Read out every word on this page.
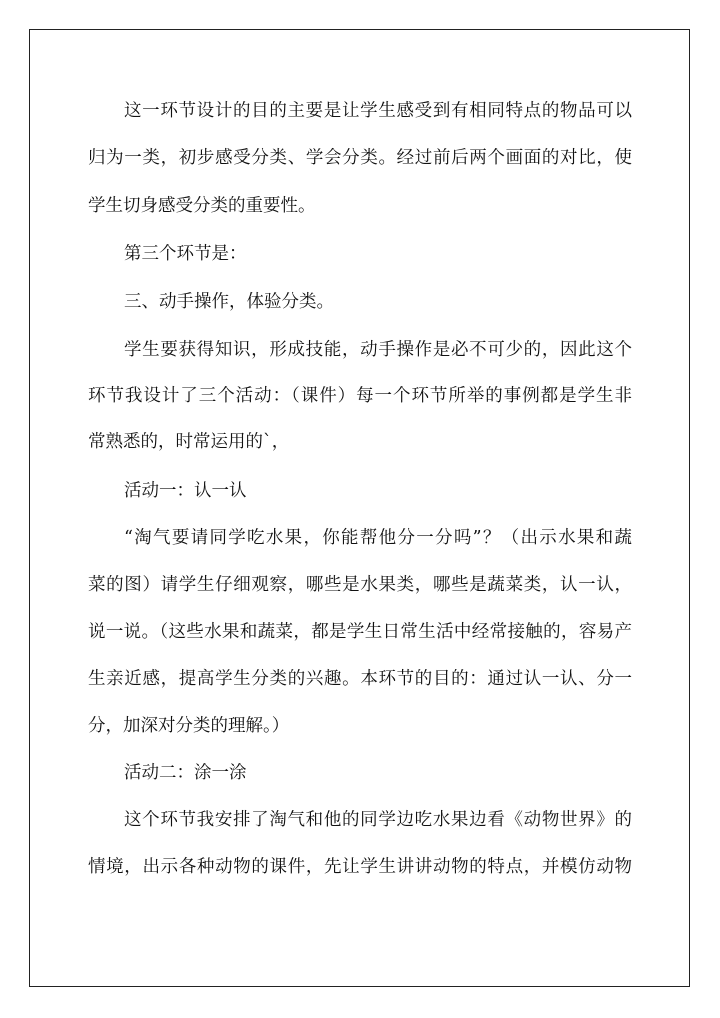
这一环节设计的目的主要是让学生感受到有相同特点的物品可以
归为一类，初步感受分类、学会分类。经过前后两个画面的对比，使
学生切身感受分类的重要性。
第三个环节是：
三、动手操作，体验分类。
学生要获得知识，形成技能，动手操作是必不可少的，因此这个
环节我设计了三个活动：（课件）每一个环节所举的事例都是学生非
常熟悉的，时常运用的`，
活动一：认一认
“淘气要请同学吃水果，你能帮他分一分吗”？（出示水果和蔬
菜的图）请学生仔细观察，哪些是水果类，哪些是蔬菜类，认一认，
说一说。（这些水果和蔬菜，都是学生日常生活中经常接触的，容易产
生亲近感，提高学生分类的兴趣。本环节的目的：通过认一认、分一
分，加深对分类的理解。）
活动二：涂一涂
这个环节我安排了淘气和他的同学边吃水果边看《动物世界》的
情境，出示各种动物的课件，先让学生讲讲动物的特点，并模仿动物
